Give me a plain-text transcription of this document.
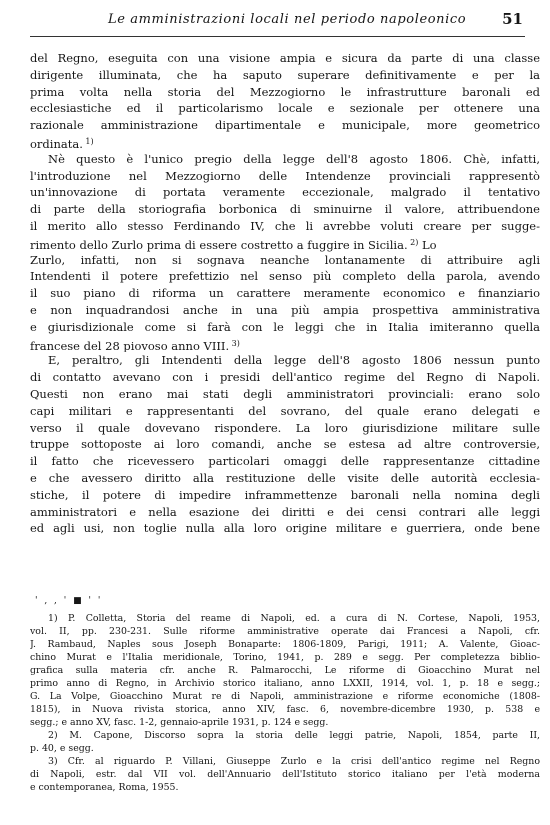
Le amministrazioni locali nel periodo napoleonico 51
del Regno, eseguita con una visione ampia e sicura da parte di una classe
dirigente illuminata, che ha saputo superare definitivamente e per la
prima volta nella storia del Mezzogiorno le infrastrutture baronali ed
ecclesiastiche ed il particolarismo locale e sezionale per ottenere una
razionale amministrazione dipartimentale e municipale, more geometrico
ordinata. $^{1)}$
Nè questo è l'unico pregio della legge dell'8 agosto 1806. Chè, infatti,
l'introduzione nel Mezzogiorno delle Intendenze provinciali rappresentò
un'innovazione di portata veramente eccezionale, malgrado il tentativo
di parte della storiografia borbonica di sminuirne il valore, attribuendone
il merito allo stesso Ferdinando IV, che li avrebbe voluti creare per sugge-
rimento dello Zurlo prima di essere costretto a fuggire in Sicilia. $^{2)}$ Lo
Zurlo, infatti, non si sognava neanche lontanamente di attribuire agli
Intendenti il potere prefettizio nel senso più completo della parola, avendo
il suo piano di riforma un carattere meramente economico e finanziario
e non inquadrandosi anche in una più ampia prospettiva amministrativa
e giurisdizionale come si farà con le leggi che in Italia imiteranno quella
francese del 28 piovoso anno VIII. $^{3)}$
E, peraltro, gli Intendenti della legge dell'8 agosto 1806 nessun punto
di contatto avevano con i presidi dell'antico regime del Regno di Napoli.
Questi non erano mai stati degli amministratori provinciali: erano solo
capi militari e rappresentanti del sovrano, del quale erano delegati e
verso il quale dovevano rispondere. La loro giurisdizione militare sulle
truppe sottoposte ai loro comandi, anche se estesa ad altre controversie,
il fatto che ricevessero particolari omaggi delle rappresentanze cittadine
e che avessero diritto alla restituzione delle visite delle autorità ecclesia-
stiche, il potere di impedire inframmettenze baronali nella nomina degli
amministratori e nella esazione dei diritti e dei censi contrari alle leggi
ed agli usi, non toglie nulla alla loro origine militare e guerriera, onde bene
' , , ' ■ ' '
1) P. Colletta, Storia del reame di Napoli, ed. a cura di N. Cortese, Napoli, 1953,
vol. II, pp. 230-231. Sulle riforme amministrative operate dai Francesi a Napoli, cfr.
J. Rambaud, Naples sous Joseph Bonaparte: 1806-1809, Parigi, 1911; A. Valente, Gioac-
chino Murat e l'Italia meridionale, Torino, 1941, p. 289 e segg. Per completezza biblio-
grafica sulla materia cfr. anche R. Palmarocchi, Le riforme di Gioacchino Murat nel
primo anno di Regno, in Archivio storico italiano, anno LXXII, 1914, vol. 1, p. 18 e segg.;
G. La Volpe, Gioacchino Murat re di Napoli, amministrazione e riforme economiche (1808-
1815), in Nuova rivista storica, anno XIV, fasc. 6, novembre-dicembre 1930, p. 538 e
segg.; e anno XV, fasc. 1-2, gennaio-aprile 1931, p. 124 e segg.
2) M. Capone, Discorso sopra la storia delle leggi patrie, Napoli, 1854, parte II,
p. 40, e segg.
3) Cfr. al riguardo P. Villani, Giuseppe Zurlo e la crisi dell'antico regime nel Regno
di Napoli, estr. dal VII vol. dell'Annuario dell'Istituto storico italiano per l'età moderna
e contemporanea, Roma, 1955.
